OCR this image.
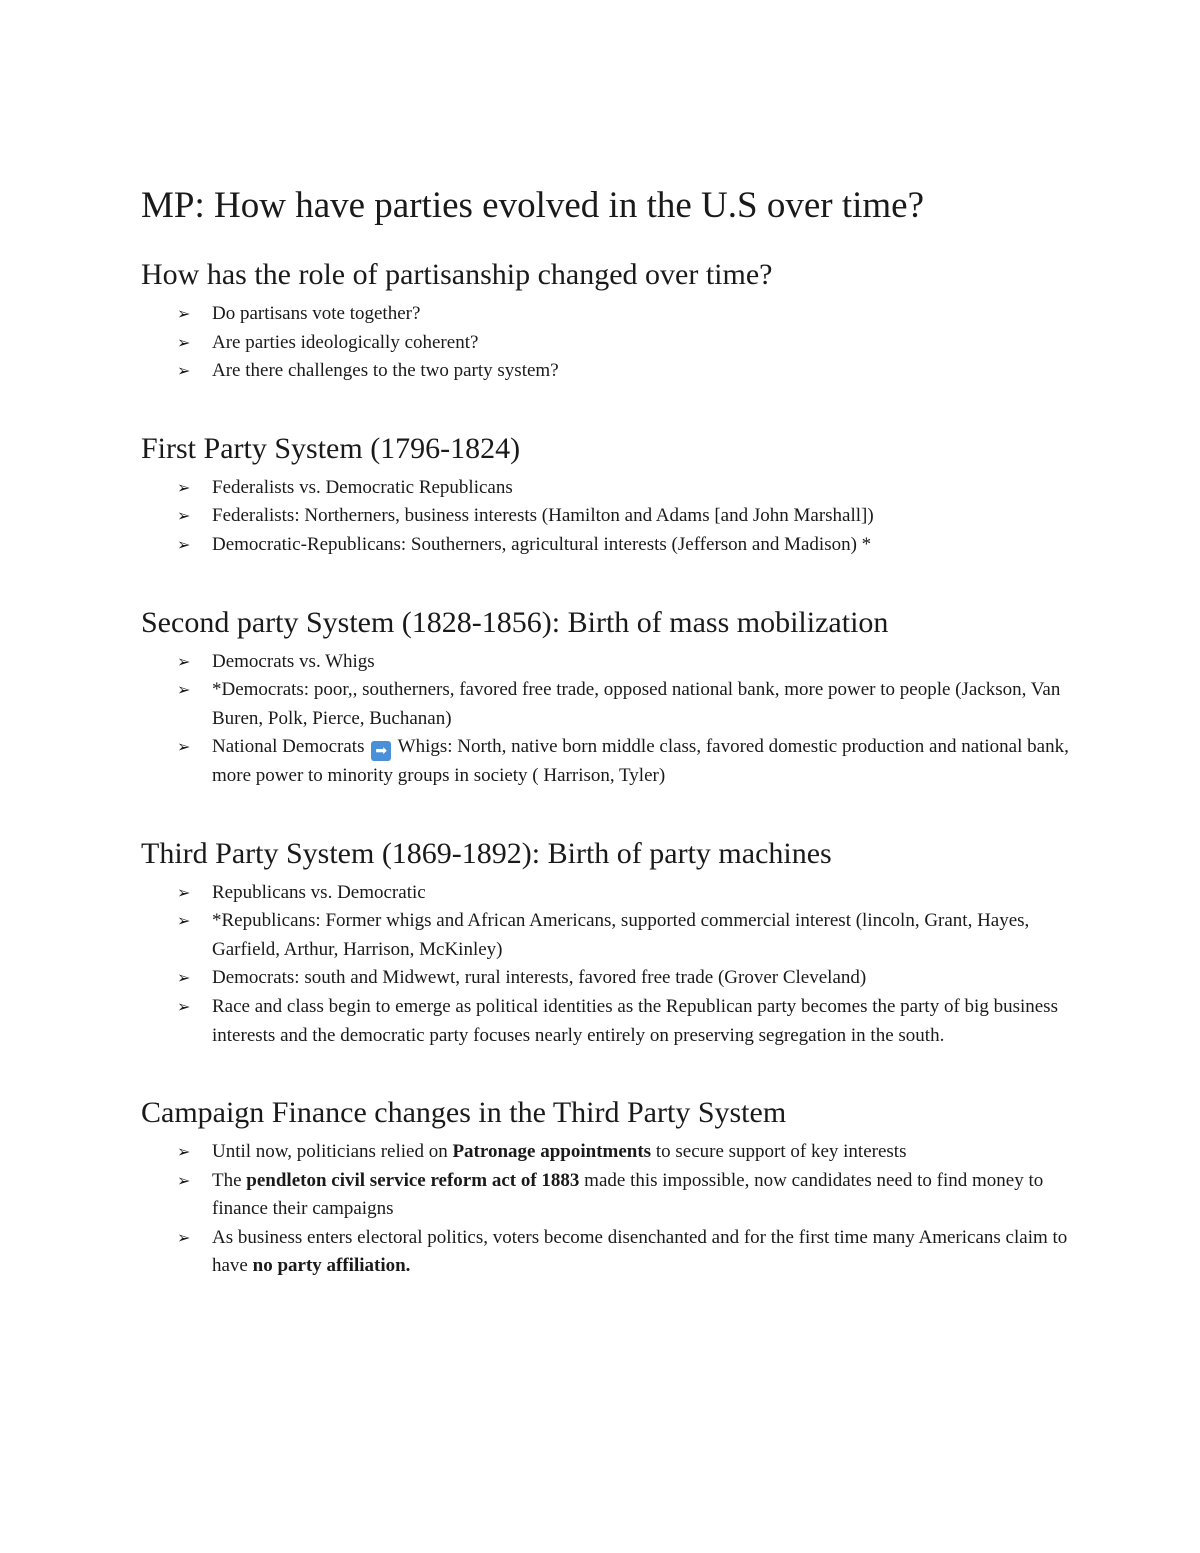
MP: How have parties evolved in the U.S over time?
How has the role of partisanship changed over time?
➢ Do partisans vote together?
➢ Are parties ideologically coherent?
➢ Are there challenges to the two party system?
First Party System (1796-1824)
➢ Federalists vs. Democratic Republicans
➢ Federalists: Northerners, business interests (Hamilton and Adams [and John Marshall])
➢ Democratic-Republicans: Southerners, agricultural interests (Jefferson and Madison) *
Second party System (1828-1856): Birth of mass mobilization
➢ Democrats vs. Whigs
➢ *Democrats: poor,, southerners, favored free trade, opposed national bank, more power to people (Jackson, Van Buren, Polk, Pierce, Buchanan)
➢ National Democrats ➡ Whigs: North, native born middle class, favored domestic production and national bank, more power to minority groups in society ( Harrison, Tyler)
Third Party System (1869-1892): Birth of party machines
➢ Republicans vs. Democratic
➢ *Republicans: Former whigs and African Americans, supported commercial interest (lincoln, Grant, Hayes, Garfield, Arthur, Harrison, McKinley)
➢ Democrats: south and Midwewt, rural interests, favored free trade (Grover Cleveland)
➢ Race and class begin to emerge as political identities as the Republican party becomes the party of big business interests and the democratic party focuses nearly entirely on preserving segregation in the south.
Campaign Finance changes in the Third Party System
➢ Until now, politicians relied on Patronage appointments to secure support of key interests
➢ The pendleton civil service reform act of 1883 made this impossible, now candidates need to find money to finance their campaigns
➢ As business enters electoral politics, voters become disenchanted and for the first time many Americans claim to have no party affiliation.
